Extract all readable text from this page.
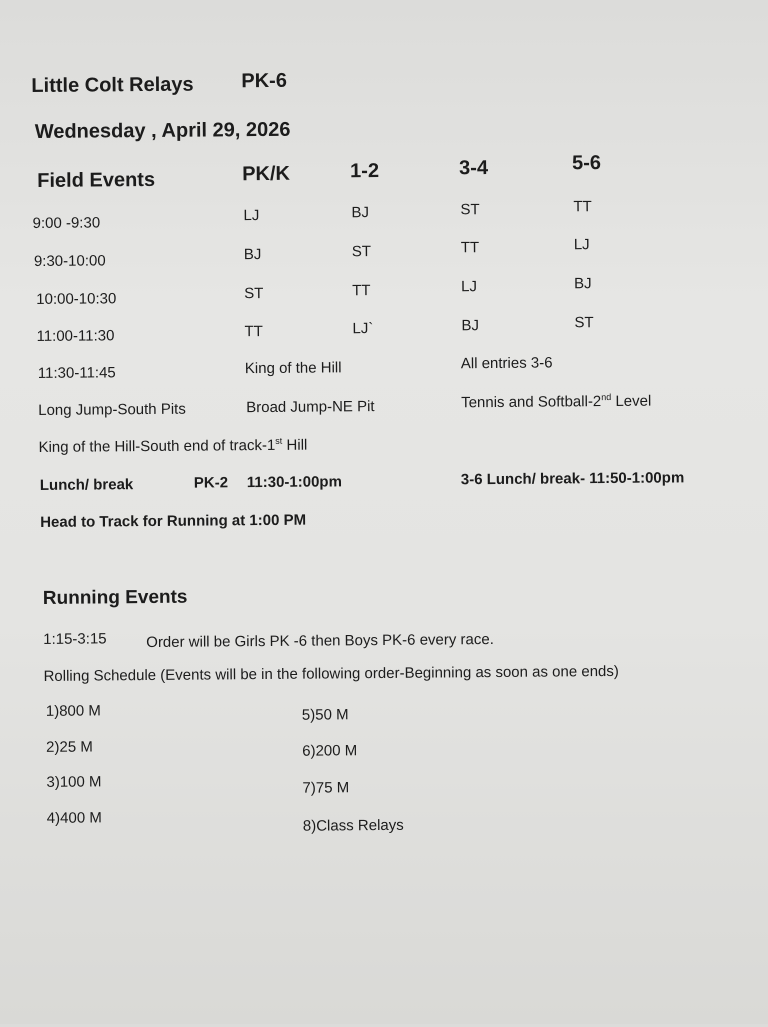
Little Colt Relays PK-6
Wednesday , April 29, 2026
Field Events	PK/K	1-2	3-4	5-6
9:00 -9:30	LJ	BJ	ST	TT
9:30-10:00	BJ	ST	TT	LJ
10:00-10:30	ST	TT	LJ	BJ
11:00-11:30	TT	LJ`	BJ	ST
11:30-11:45	King of the Hill	All entries 3-6
Long Jump-South Pits	Broad Jump-NE Pit	Tennis and Softball-2nd Level
King of the Hill-South end of track-1st Hill
Lunch/ break	PK-2 11:30-1:00pm	3-6 Lunch/ break- 11:50-1:00pm
Head to Track for Running at 1:00 PM
Running Events
1:15-3:15	Order will be Girls PK -6 then Boys PK-6 every race.
Rolling Schedule (Events will be in the following order-Beginning as soon as one ends)
1)800 M
2)25 M
3)100 M
4)400 M
5)50 M
6)200 M
7)75 M
8)Class Relays
